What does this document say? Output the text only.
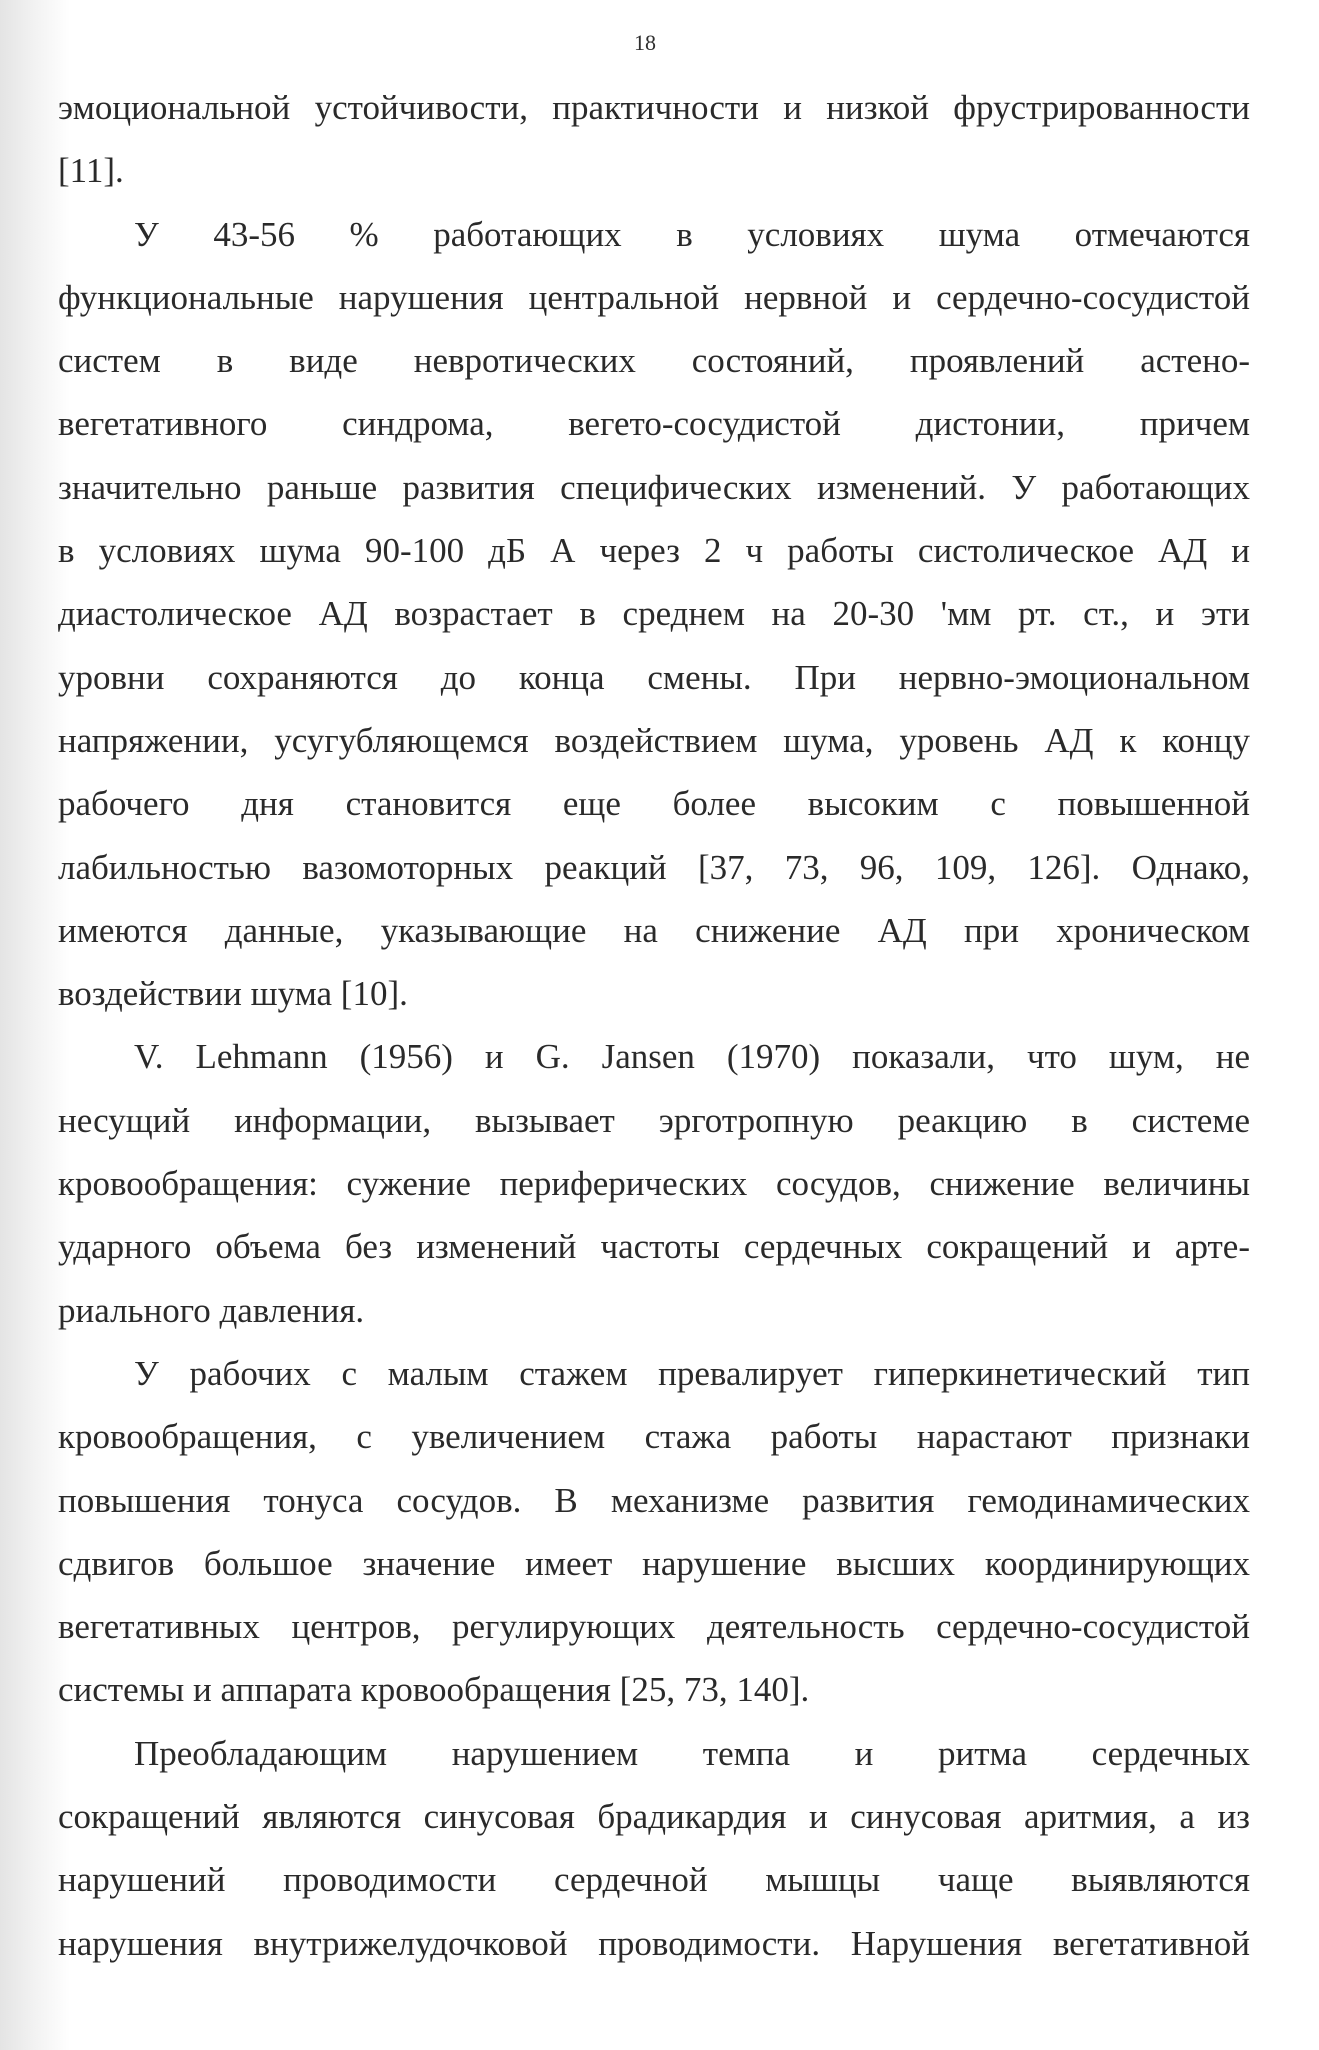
18
эмоциональной устойчивости, практичности и низкой фрустрированности
[11].
У 43-56 % работающих в условиях шума отмечаются
функциональные нарушения центральной нервной и сердечно-сосудистой
систем в виде невротических состояний, проявлений астено-
вегетативного синдрома, вегето-сосудистой дистонии, причем
значительно раньше развития специфических изменений. У работающих
в условиях шума 90-100 дБ А через 2 ч работы систолическое АД и
диастолическое АД возрастает в среднем на 20-30 'мм рт. ст., и эти
уровни сохраняются до конца смены. При нервно-эмоциональном
напряжении, усугубляющемся воздействием шума, уровень АД к концу
рабочего дня становится еще более высоким с повышенной
лабильностью вазомоторных реакций [37, 73, 96, 109, 126]. Однако,
имеются данные, указывающие на снижение АД при хроническом
воздействии шума [10].
V. Lehmann (1956) и G. Jansen (1970) показали, что шум, не
несущий информации, вызывает эрготропную реакцию в системе
кровообращения: сужение периферических сосудов, снижение величины
ударного объема без изменений частоты сердечных сокращений и арте-
риального давления.
У рабочих с малым стажем превалирует гиперкинетический тип
кровообращения, с увеличением стажа работы нарастают признаки
повышения тонуса сосудов. В механизме развития гемодинамических
сдвигов большое значение имеет нарушение высших координирующих
вегетативных центров, регулирующих деятельность сердечно-сосудистой
системы и аппарата кровообращения [25, 73, 140].
Преобладающим нарушением темпа и ритма сердечных
сокращений являются синусовая брадикардия и синусовая аритмия, а из
нарушений проводимости сердечной мышцы чаще выявляются
нарушения внутрижелудочковой проводимости. Нарушения вегетативной
